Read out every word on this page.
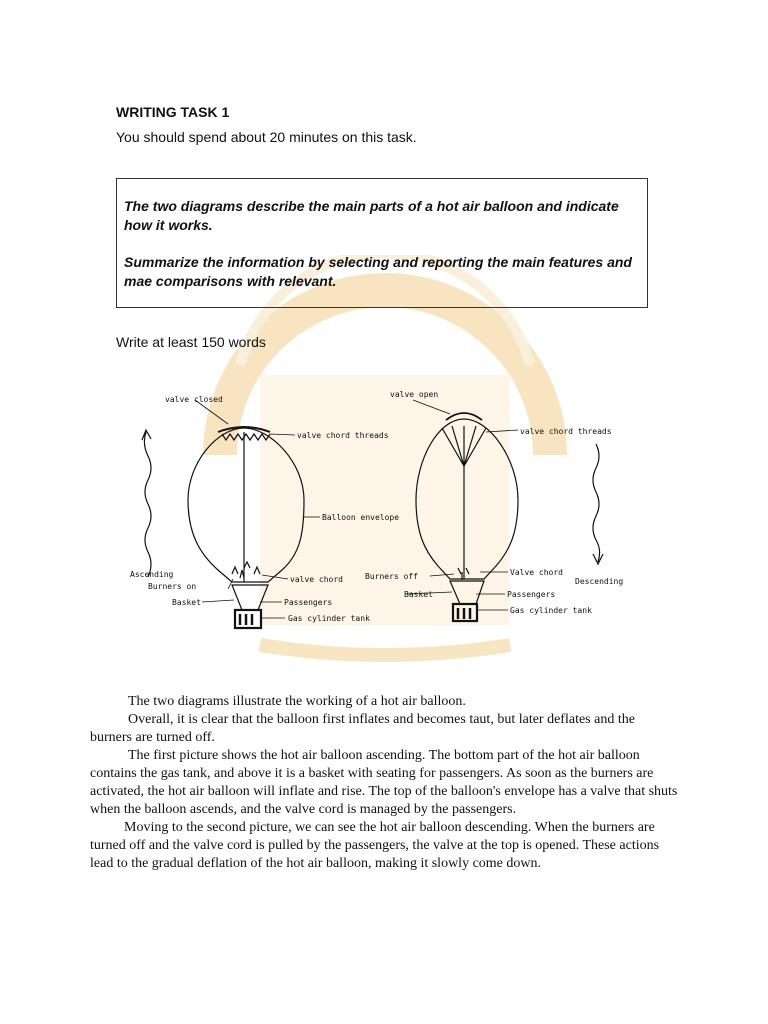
WRITING TASK 1
You should spend about 20 minutes on this task.
The two diagrams describe the main parts of a hot air balloon and indicate how it works.
Summarize the information by selecting and reporting the main features and mae comparisons with relevant.
Write at least 150 words
valve closed
valve chord threads
Balloon envelope
Ascending
Burners on
valve chord
Basket	Passengers
Gas cylinder tank
valve open
valve chord threads
Burners off	Valve chord
Descending
Basket	Passengers
Gas cylinder tank

The two diagrams illustrate the working of a hot air balloon.

Overall, it is clear that the balloon first inflates and becomes taut, but later deflates and the burners are turned off.

The first picture shows the hot air balloon ascending. The bottom part of the hot air balloon contains the gas tank, and above it is a basket with seating for passengers. As soon as the burners are activated, the hot air balloon will inflate and rise. The top of the balloon's envelope has a valve that shuts when the balloon ascends, and the valve cord is managed by the passengers.

Moving to the second picture, we can see the hot air balloon descending. When the burners are turned off and the valve cord is pulled by the passengers, the valve at the top is opened. These actions lead to the gradual deflation of the hot air balloon, making it slowly come down.
